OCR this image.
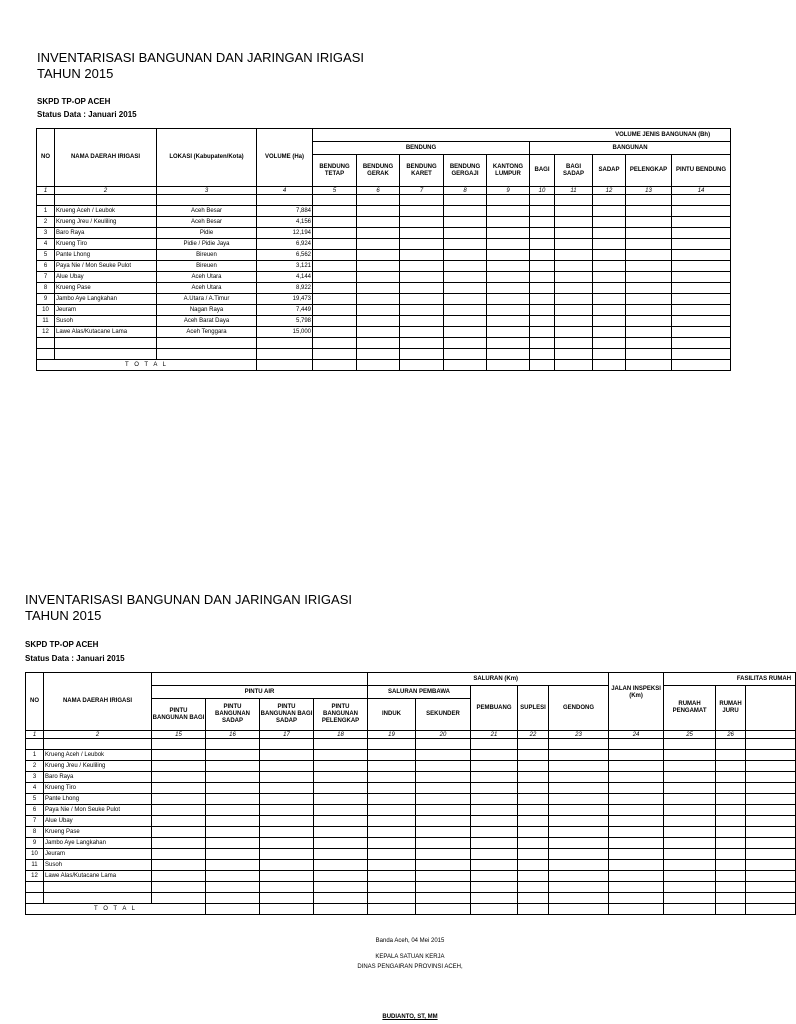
INVENTARISASI BANGUNAN DAN JARINGAN IRIGASI
TAHUN 2015
SKPD TP-OP ACEH
Status Data : Januari 2015
NO	NAMA DAERAH IRIGASI	LOKASI (Kabupaten/Kota)	VOLUME (Ha)	VOLUME JENIS BANGUNAN (Bh)									
				BENDUNG					BANGUNAN				
				BENDUNG TETAP	BENDUNG GERAK	BENDUNG KARET	BENDUNG GERGAJI	KANTONG LUMPUR	BAGI	BAGI SADAP	SADAP	PELENGKAP	PINTU BENDUNG
1	2	3	4	5	6	7	8	9	10	11	12	13	14

1	Krueng Aceh / Leubok	Aceh Besar	7,884										
2	Krueng Jreu / Keuliling	Aceh Besar	4,156										
3	Baro Raya	Pidie	12,194										
4	Krueng Tiro	Pidie / Pidie Jaya	6,924										
5	Pante Lhong	Bireuen	6,562										
6	Paya Nie / Mon Seuke Pulot	Bireuen	3,121										
7	Alue Ubay	Aceh Utara	4,144										
8	Krueng Pase	Aceh Utara	8,922										
9	Jambo Aye Langkahan	A.Utara / A.Timur	19,473										
10	Jeuram	Nagan Raya	7,449										
11	Susoh	Aceh Barat Daya	5,798										
12	Lawe Alas/Kutacane Lama	Aceh Tenggara	15,000										

T O T A L													
INVENTARISASI BANGUNAN DAN JARINGAN IRIGASI
TAHUN 2015
SKPD TP-OP ACEH
Status Data : Januari 2015
NO	NAMA DAERAH IRIGASI					SALURAN (Km)						FASILITAS RUMAH		
		PINTU AIR				SALURAN PEMBAWA		PEMBUANG	SUPLESI	GENDONG	JALAN INSPEKSI (Km)	RUMAH PENGAMAT	RUMAH JURU	
		PINTU BANGUNAN BAGI	PINTU BANGUNAN SADAP	PINTU BANGUNAN BAGI SADAP	PINTU BANGUNAN PELENGKAP	INDUK	SEKUNDER							
1	2	15	16	17	18	19	20	21	22	23	24	25	26	

1	Krueng Aceh / Leubok													
2	Krueng Jreu / Keuliling													
3	Baro Raya													
4	Krueng Tiro													
5	Pante Lhong													
6	Paya Nie / Mon Seuke Pulot													
7	Alue Ubay													
8	Krueng Pase													
9	Jambo Aye Langkahan													
10	Jeuram													
11	Susoh													
12	Lawe Alas/Kutacane Lama													

T O T A L														
Banda Aceh, 04 Mei 2015
KEPALA SATUAN KERJA
DINAS PENGAIRAN PROVINSI ACEH,
BUDIANTO, ST, MM
